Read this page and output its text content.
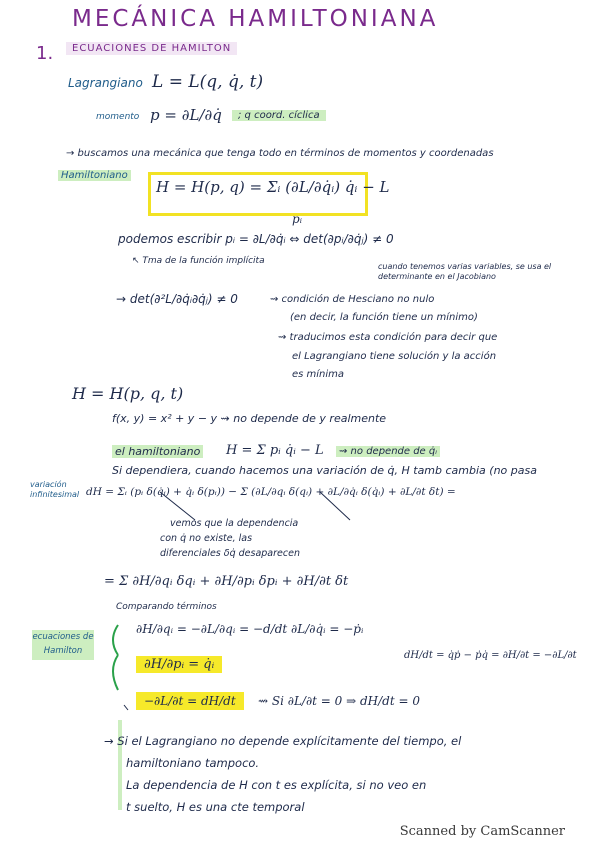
MECÁNICA HAMILTONIANA
1.	ECUACIONES DE HAMILTON
Lagrangiano L = L(q, q̇, t)
momento p = ∂L/∂q̇	; q coord. cíclica
→ buscamos una mecánica que tenga todo en términos de momentos y coordenadas
Hamiltoniano
H = H(p, q) = Σᵢ (∂L/∂q̇ᵢ) q̇ᵢ − L
pᵢ
podemos escribir pᵢ = ∂L/∂q̇ᵢ ⇔ det(∂pᵢ/∂q̇ⱼ) ≠ 0
↖ Tma de la función implícita
cuando tenemos varias variables, se usa el determinante en el Jacobiano
→ det(∂²L/∂q̇ᵢ∂q̇ⱼ) ≠ 0	⇝ condición de Hesciano no nulo
(en decir, la función tiene un mínimo)
⇝ traducimos esta condición para decir que
el Lagrangiano tiene solución y la acción
es mínima
H = H(p, q, t)
f(x, y) = x² + y − y ⇝ no depende de y realmente
el hamiltoniano H = Σ pᵢ q̇ᵢ − L	⇝ no depende de q̇ᵢ
Si dependiera, cuando hacemos una variación de q̇, H tamb cambia (no pasa
variación infinitesimal dH = Σᵢ (pᵢ δ(q̇ᵢ) + q̇ᵢ δ(pᵢ)) − Σ (∂L/∂qᵢ δ(qᵢ) + ∂L/∂q̇ᵢ δ(q̇ᵢ) + ∂L/∂t δt) =
vemos que la dependencia
con q̇ no existe, las
diferenciales δq̇ desaparecen
= Σ ∂H/∂qᵢ δqᵢ + ∂H/∂pᵢ δpᵢ + ∂H/∂t δt
Comparando términos
ecuaciones de Hamilton
∂H/∂qᵢ = −∂L/∂qᵢ = −d/dt ∂L/∂q̇ᵢ = −ṗᵢ
∂H/∂pᵢ = q̇ᵢ
−∂L/∂t = dH/dt	⇝ Si ∂L/∂t = 0 ⇒ dH/dt = 0
dH/dt = q̇ṗ − ṗq̇ = ∂H/∂t = −∂L/∂t
→ Si el Lagrangiano no depende explícitamente del tiempo, el
hamiltoniano tampoco.
La dependencia de H con t es explícita, si no veo en
t suelto, H es una cte temporal
Scanned by CamScanner
